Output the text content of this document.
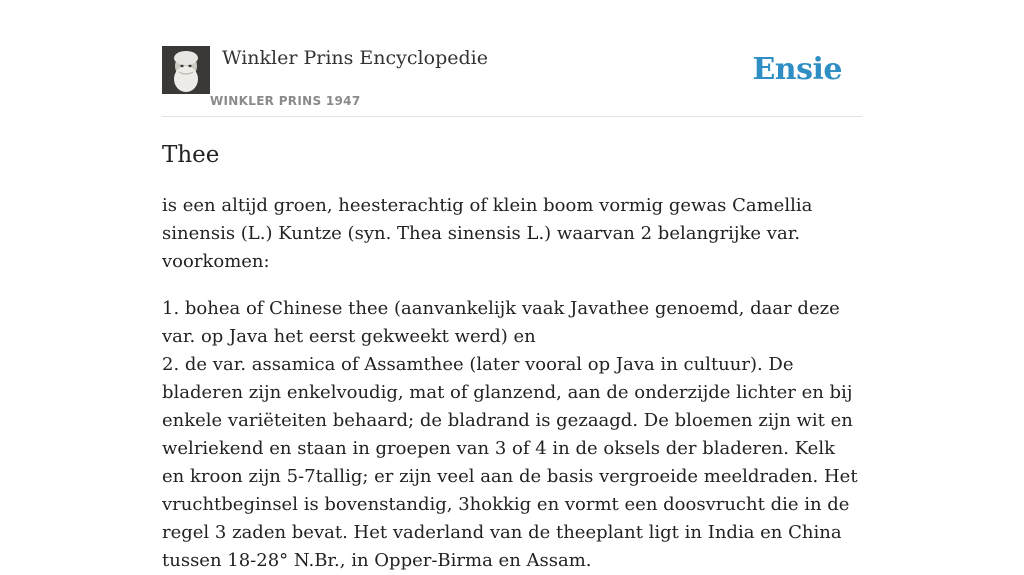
Winkler Prins Encyclopedie
WINKLER PRINS 1947
Ensie
Thee

is een altijd groen, heesterachtig of klein boom vormig gewas Camellia sinensis (L.) Kuntze (syn. Thea sinensis L.) waarvan 2 belangrijke var. voorkomen:

1. bohea of Chinese thee (aanvankelijk vaak Javathee genoemd, daar deze var. op Java het eerst gekweekt werd) en

2. de var. assamica of Assamthee (later vooral op Java in cultuur). De bladeren zijn enkelvoudig, mat of glanzend, aan de onderzijde lichter en bij enkele variëteiten behaard; de bladrand is gezaagd. De bloemen zijn wit en welriekend en staan in groepen van 3 of 4 in de oksels der bladeren. Kelk en kroon zijn 5-7tallig; er zijn veel aan de basis vergroeide meeldraden. Het vruchtbeginsel is bovenstandig, 3hokkig en vormt een doosvrucht die in de regel 3 zaden bevat. Het vaderland van de theeplant ligt in India en China tussen 18-28° N.Br., in Opper-Birma en Assam.
